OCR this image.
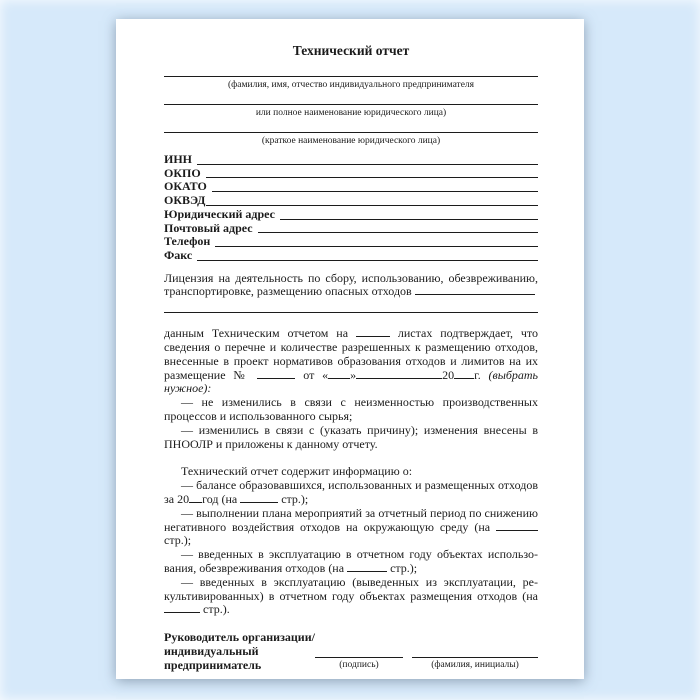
Технический отчет
(фамилия, имя, отчество индивидуального предпринимателя
или полное наименование юридического лица)
(краткое наименование юридического лица)
ИНН
ОКПО
ОКАТО
ОКВЭД
Юридический адрес
Почтовый адрес
Телефон
Факс

Лицензия на деятельность по сбору, использованию, обезвреживанию, транспортировке, размещению опасных отходов

данным Техническим отчетом на	листах подтверждает, что сведения о перечне и количестве разрешенных к размещению отходов, внесенные в проект нормативов образования отходов и лимитов на их размещение №	от « »	20 г. (выбрать нужное):

— не изменились в связи с неизменностью производственных процессов и использованного сырья;

— изменились в связи с (указать причину); изменения внесены в ПНООЛР и приложены к данному отчету.

Технический отчет содержит информацию о:

— балансе образовавшихся, использованных и размещенных отходов за 20 год (на	стр.);

— выполнении плана мероприятий за отчетный период по снижению негативного воздействия отходов на окружающую среду (на  стр.);

— введенных в эксплуатацию в отчетном году объектах использования, обезвреживания отходов (на	стр.);

— введенных в эксплуатацию (выведенных из эксплуатации, рекультивированных) в отчетном году объектах размещения отходов (на  стр.).

Руководитель организации/
индивидуальный
предприниматель	(подпись)	(фамилия, инициалы)
